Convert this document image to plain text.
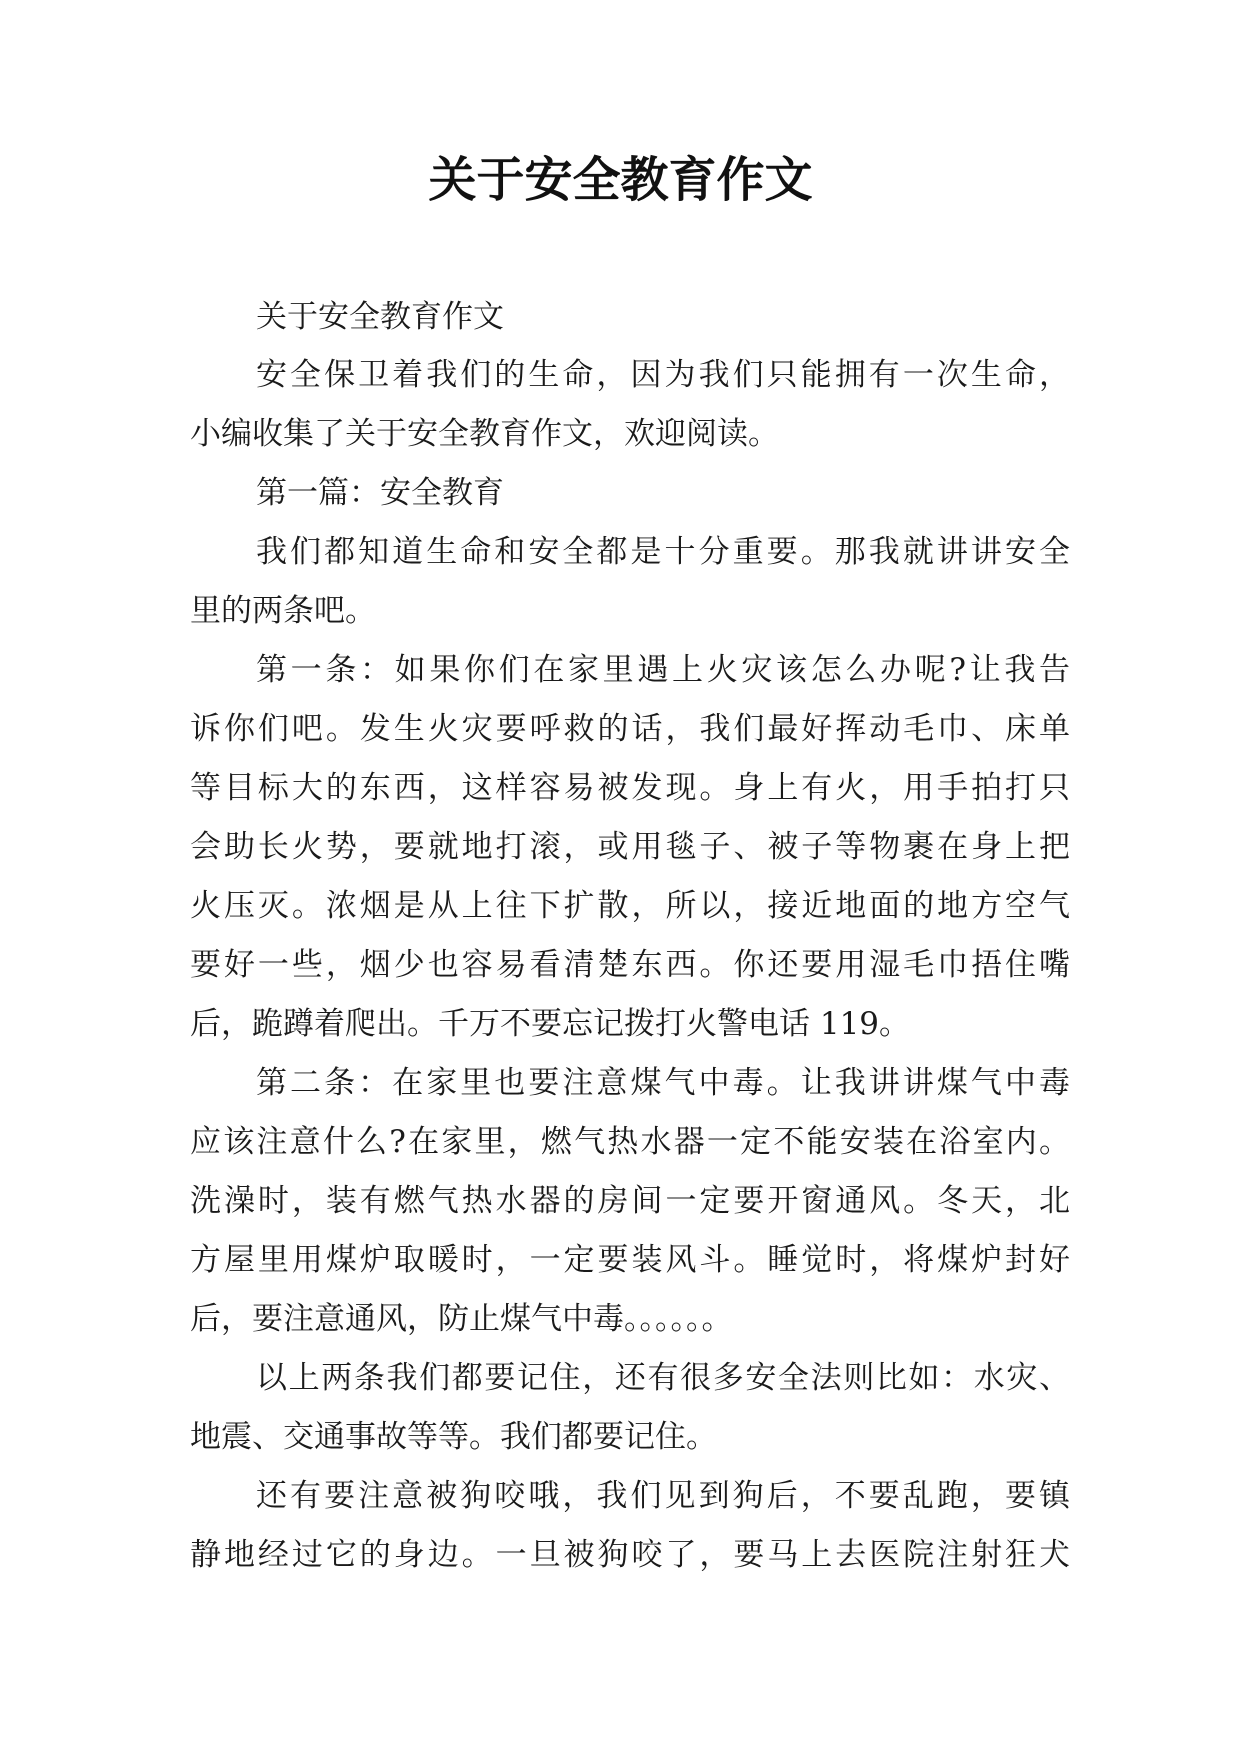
关于安全教育作文
关于安全教育作文
安全保卫着我们的生命，因为我们只能拥有一次生命，
小编收集了关于安全教育作文，欢迎阅读。
第一篇：安全教育
我们都知道生命和安全都是十分重要。那我就讲讲安全
里的两条吧。
第一条：如果你们在家里遇上火灾该怎么办呢?让我告
诉你们吧。发生火灾要呼救的话，我们最好挥动毛巾、床单
等目标大的东西，这样容易被发现。身上有火，用手拍打只
会助长火势，要就地打滚，或用毯子、被子等物裹在身上把
火压灭。浓烟是从上往下扩散，所以，接近地面的地方空气
要好一些，烟少也容易看清楚东西。你还要用湿毛巾捂住嘴
后，跪蹲着爬出。千万不要忘记拨打火警电话 119。
第二条：在家里也要注意煤气中毒。让我讲讲煤气中毒
应该注意什么?在家里，燃气热水器一定不能安装在浴室内。
洗澡时，装有燃气热水器的房间一定要开窗通风。冬天，北
方屋里用煤炉取暖时，一定要装风斗。睡觉时，将煤炉封好
后，要注意通风，防止煤气中毒。。。。。。
以上两条我们都要记住，还有很多安全法则比如：水灾、
地震、交通事故等等。我们都要记住。
还有要注意被狗咬哦，我们见到狗后，不要乱跑，要镇
静地经过它的身边。一旦被狗咬了，要马上去医院注射狂犬
